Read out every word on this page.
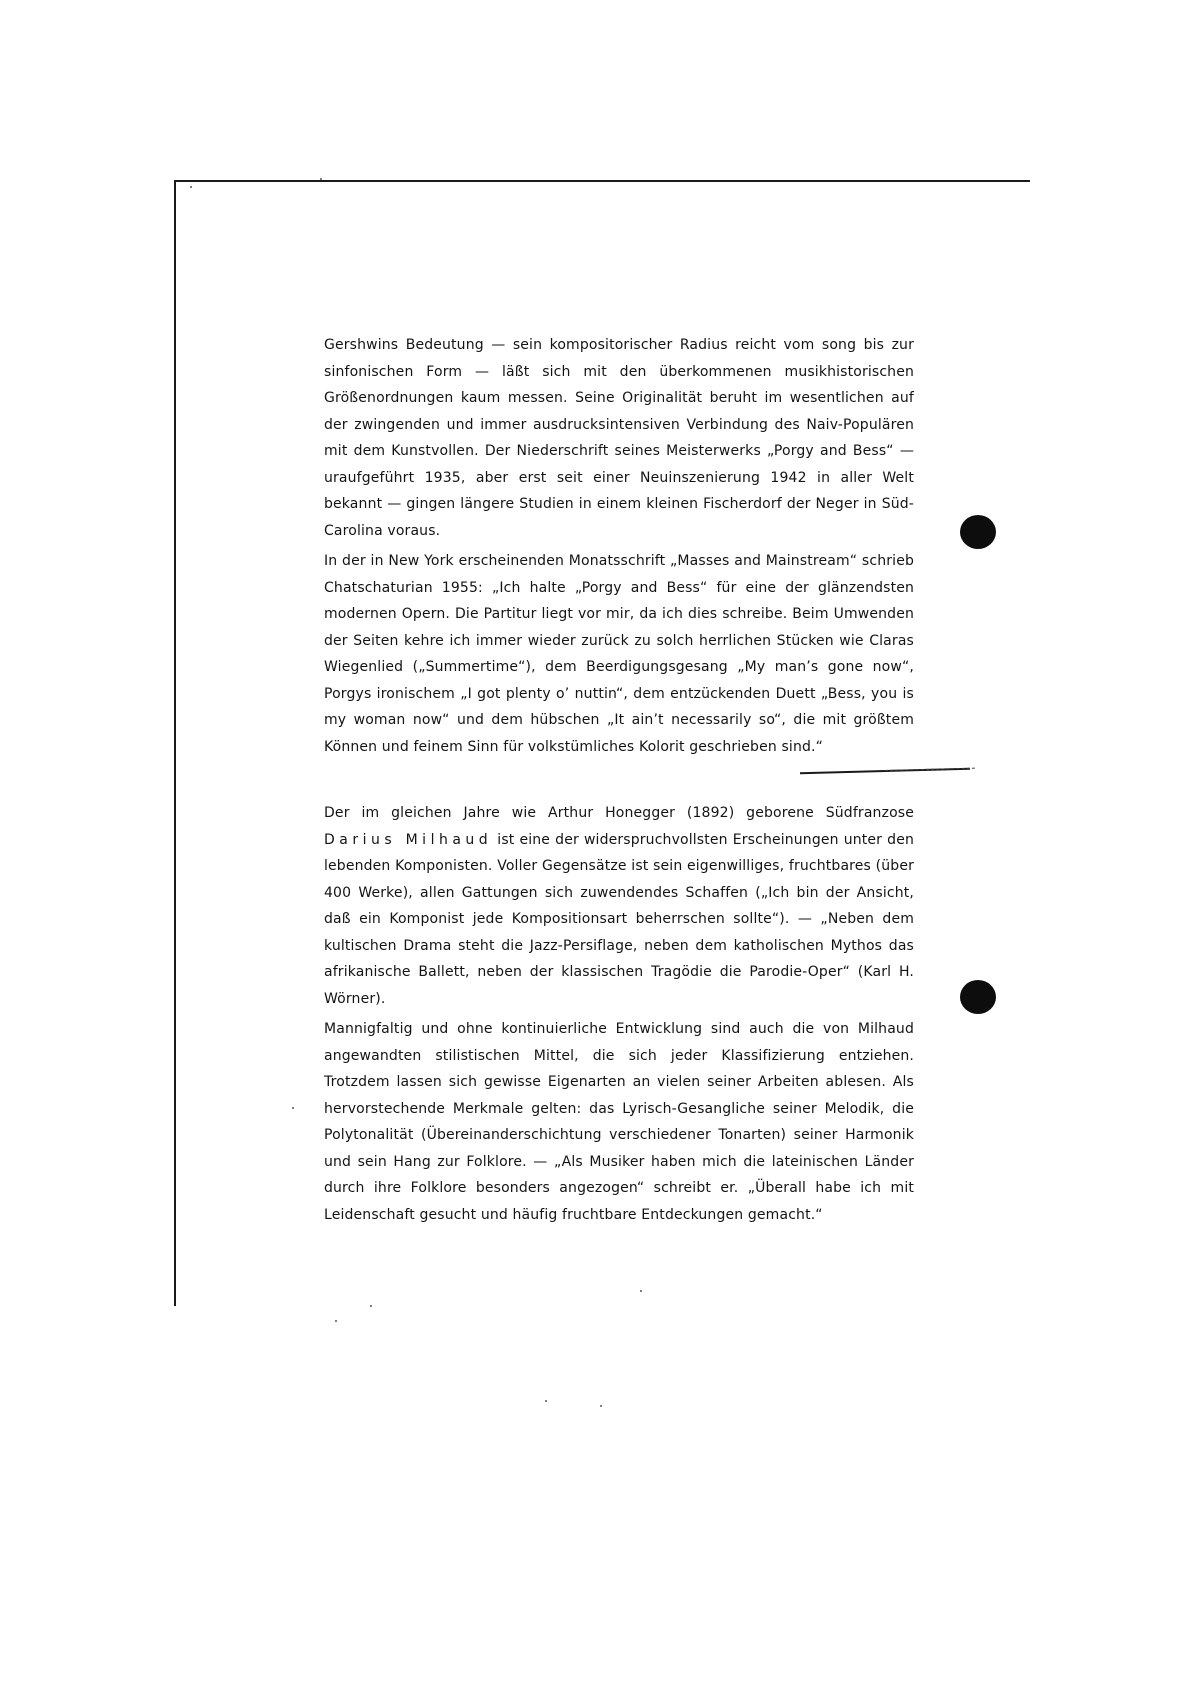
Gershwins Bedeutung — sein kompositorischer Radius reicht vom song bis zur sinfonischen Form — läßt sich mit den überkommenen musikhistorischen Größenordnungen kaum messen. Seine Originalität beruht im wesentlichen auf der zwingenden und immer ausdrucksintensiven Verbindung des Naiv-Populären mit dem Kunstvollen. Der Niederschrift seines Meisterwerks „Porgy and Bess“ — uraufgeführt 1935, aber erst seit einer Neuinszenierung 1942 in aller Welt bekannt — gingen längere Studien in einem kleinen Fischerdorf der Neger in Süd-Carolina voraus.

In der in New York erscheinenden Monatsschrift „Masses and Mainstream“ schrieb Chatschaturian 1955: „Ich halte „Porgy and Bess“ für eine der glänzendsten modernen Opern. Die Partitur liegt vor mir, da ich dies schreibe. Beim Umwenden der Seiten kehre ich immer wieder zurück zu solch herrlichen Stücken wie Claras Wiegenlied („Summertime“), dem Beerdigungsgesang „My man’s gone now“, Porgys ironischem „I got plenty o’ nuttin“, dem entzückenden Duett „Bess, you is my woman now“ und dem hübschen „It ain’t necessarily so“, die mit größtem Können und feinem Sinn für volkstümliches Kolorit geschrieben sind.“

Der im gleichen Jahre wie Arthur Honegger (1892) geborene Südfranzose Darius Milhaud ist eine der widerspruchvollsten Erscheinungen unter den lebenden Komponisten. Voller Gegensätze ist sein eigenwilliges, fruchtbares (über 400 Werke), allen Gattungen sich zuwendendes Schaffen („Ich bin der Ansicht, daß ein Komponist jede Kompositionsart beherrschen sollte“). — „Neben dem kultischen Drama steht die Jazz-Persiflage, neben dem katholischen Mythos das afrikanische Ballett, neben der klassischen Tragödie die Parodie-Oper“ (Karl H. Wörner).

Mannigfaltig und ohne kontinuierliche Entwicklung sind auch die von Milhaud angewandten stilistischen Mittel, die sich jeder Klassifizierung entziehen. Trotzdem lassen sich gewisse Eigenarten an vielen seiner Arbeiten ablesen. Als hervorstechende Merkmale gelten: das Lyrisch-Gesangliche seiner Melodik, die Polytonalität (Übereinanderschichtung verschiedener Tonarten) seiner Harmonik und sein Hang zur Folklore. — „Als Musiker haben mich die lateinischen Länder durch ihre Folklore besonders angezogen“ schreibt er. „Überall habe ich mit Leidenschaft gesucht und häufig fruchtbare Entdeckungen gemacht.“
